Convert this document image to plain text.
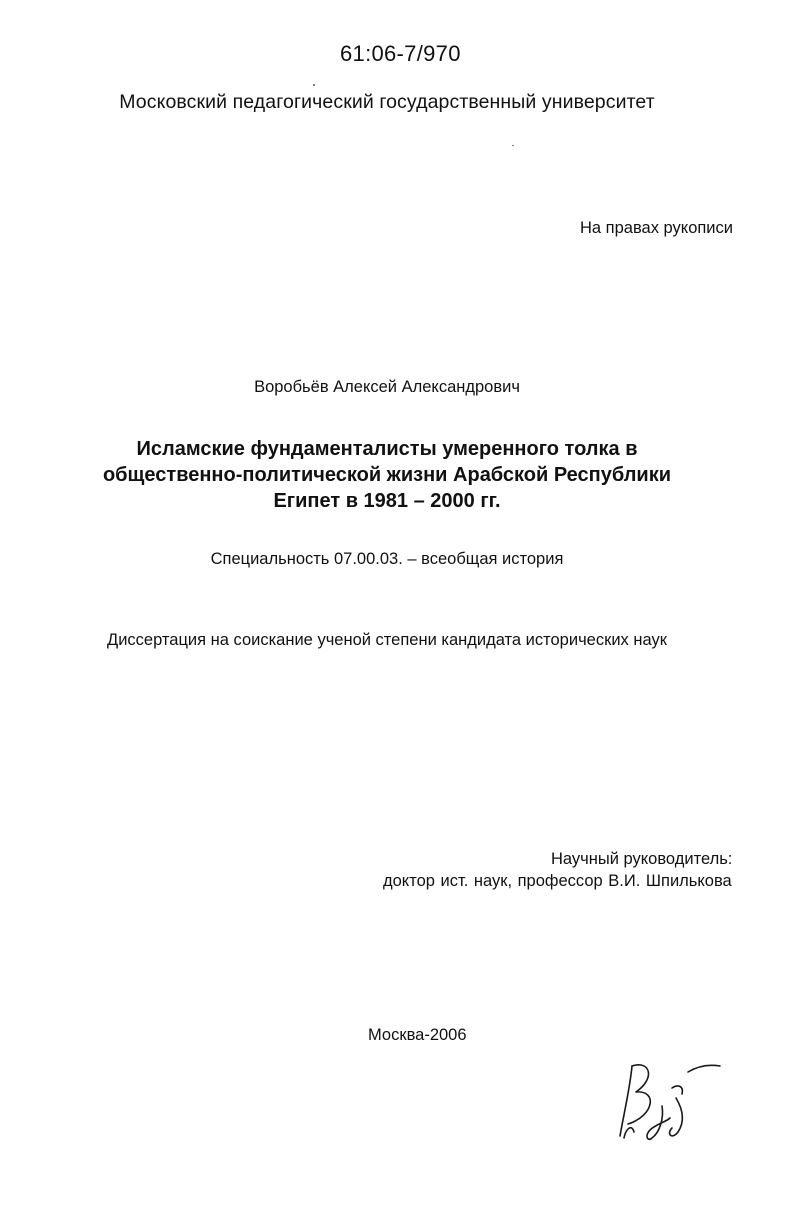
61:06-7/970
Московский педагогический государственный университет
На правах рукописи
Воробьёв Алексей Александрович
Исламские фундаменталисты умеренного толка в
общественно-политической жизни Арабской Республики
Египет в 1981 – 2000 гг.
Специальность 07.00.03. – всеобщая история
Диссертация на соискание ученой степени кандидата исторических наук
Научный руководитель:
доктор ист. наук, профессор В.И. Шпилькова
Москва-2006
